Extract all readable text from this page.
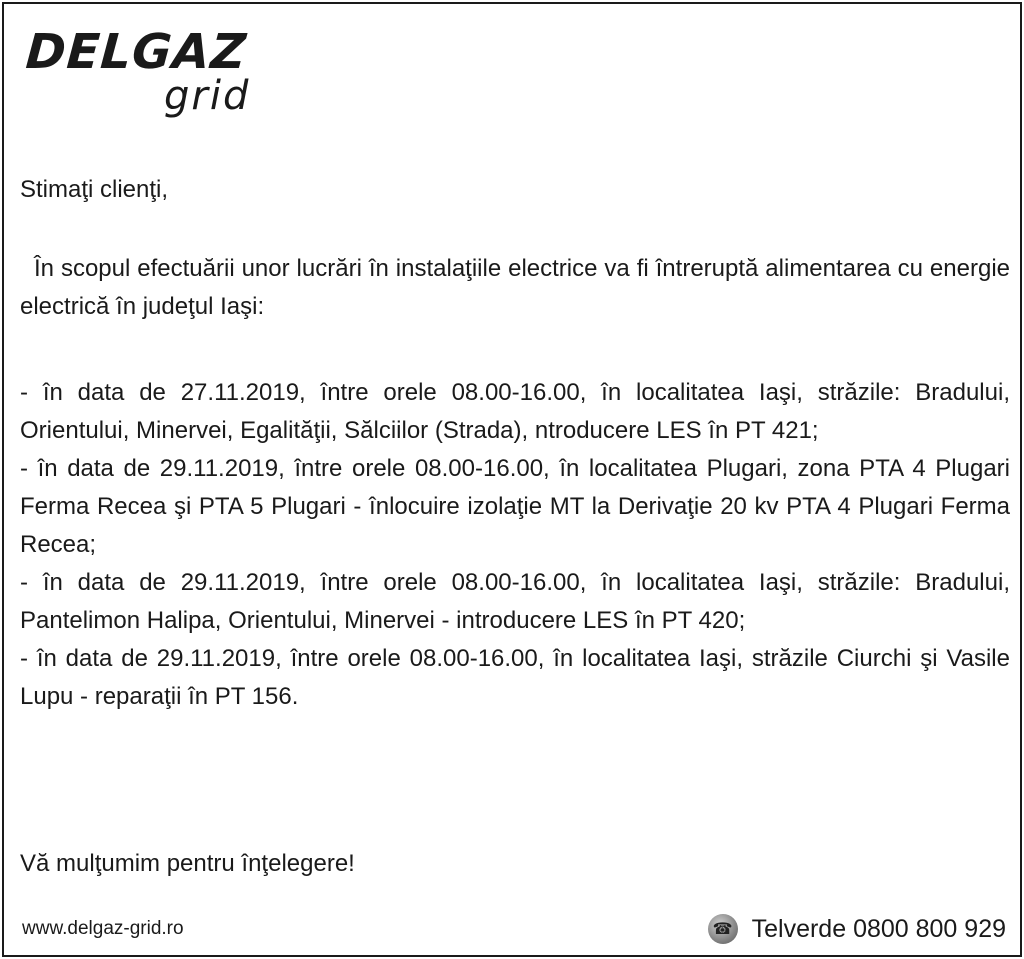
DELGAZ
grid

Stimaţi clienţi,

În scopul efectuării unor lucrări în instalaţiile electrice va fi întreruptă alimentarea cu energie electrică în judeţul Iaşi:

- în data de 27.11.2019, între orele 08.00-16.00, în localitatea Iaşi, străzile: Bradului, Orientului, Minervei, Egalităţii, Sălciilor (Strada), ntroducere LES în PT 421;
- în data de 29.11.2019, între orele 08.00-16.00, în localitatea Plugari, zona PTA 4 Plugari Ferma Recea şi PTA 5 Plugari - înlocuire izolaţie MT la Derivaţie 20 kv PTA 4 Plugari Ferma Recea;
- în data de 29.11.2019, între orele 08.00-16.00, în localitatea Iaşi, străzile: Bradului, Pantelimon Halipa, Orientului, Minervei - introducere LES în PT 420;
- în data de 29.11.2019, între orele 08.00-16.00, în localitatea Iaşi, străzile Ciurchi şi Vasile Lupu - reparaţii în PT 156.

Vă mulţumim pentru înţelegere!

www.delgaz-grid.ro	☎ Telverde 0800 800 929
